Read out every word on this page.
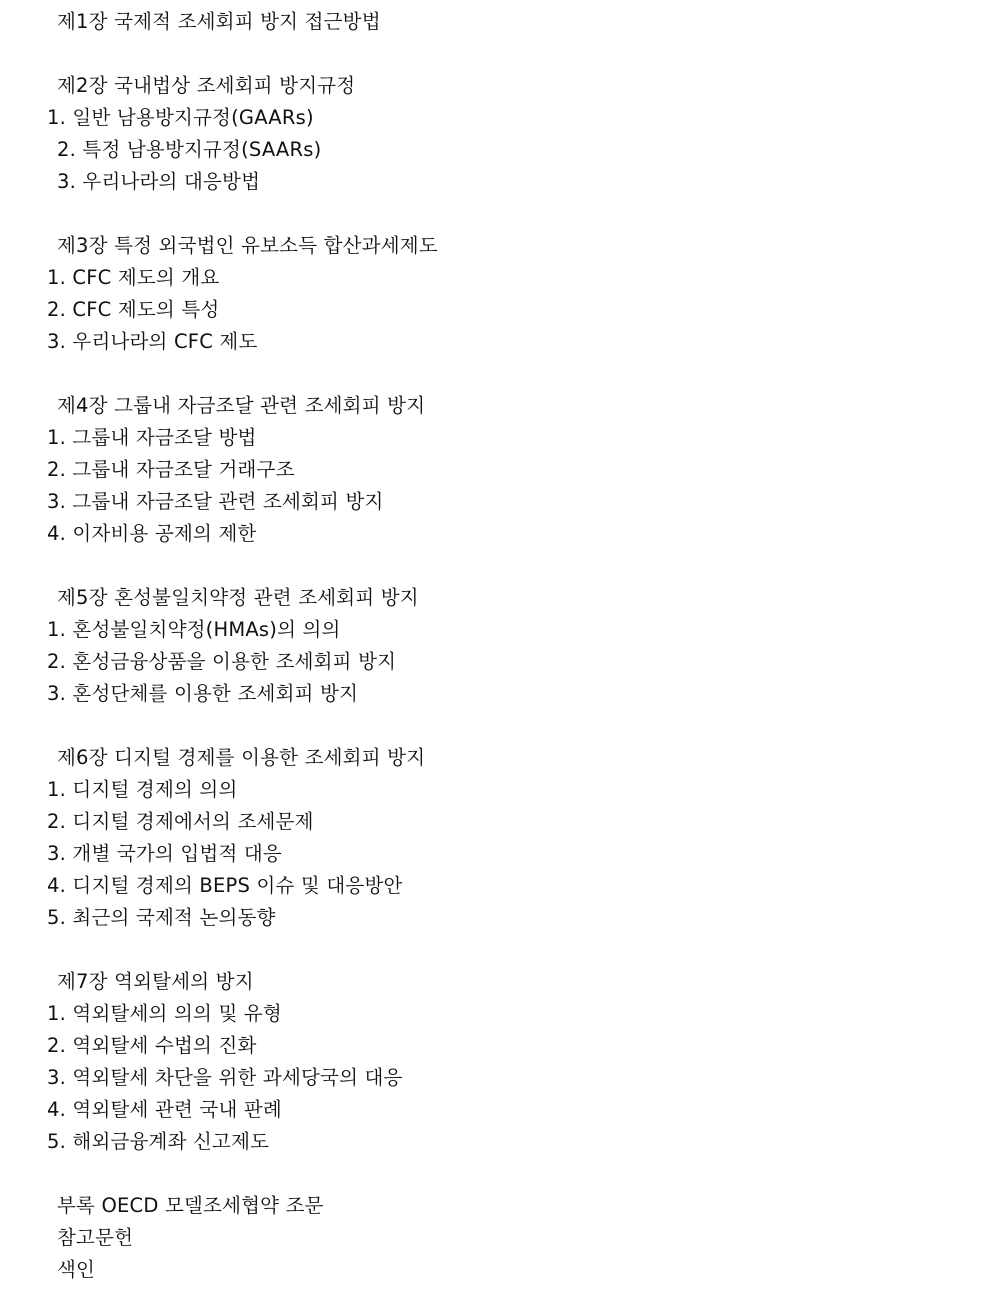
제1장 국제적 조세회피 방지 접근방법
제2장 국내법상 조세회피 방지규정
1. 일반 남용방지규정(GAARs)
2. 특정 남용방지규정(SAARs)
3. 우리나라의 대응방법
제3장 특정 외국법인 유보소득 합산과세제도
1. CFC 제도의 개요
2. CFC 제도의 특성
3. 우리나라의 CFC 제도
제4장 그룹내 자금조달 관련 조세회피 방지
1. 그룹내 자금조달 방법
2. 그룹내 자금조달 거래구조
3. 그룹내 자금조달 관련 조세회피 방지
4. 이자비용 공제의 제한
제5장 혼성불일치약정 관련 조세회피 방지
1. 혼성불일치약정(HMAs)의 의의
2. 혼성금융상품을 이용한 조세회피 방지
3. 혼성단체를 이용한 조세회피 방지
제6장 디지털 경제를 이용한 조세회피 방지
1. 디지털 경제의 의의
2. 디지털 경제에서의 조세문제
3. 개별 국가의 입법적 대응
4. 디지털 경제의 BEPS 이슈 및 대응방안
5. 최근의 국제적 논의동향
제7장 역외탈세의 방지
1. 역외탈세의 의의 및 유형
2. 역외탈세 수법의 진화
3. 역외탈세 차단을 위한 과세당국의 대응
4. 역외탈세 관련 국내 판례
5. 해외금융계좌 신고제도
부록 OECD 모델조세협약 조문
참고문헌
색인
